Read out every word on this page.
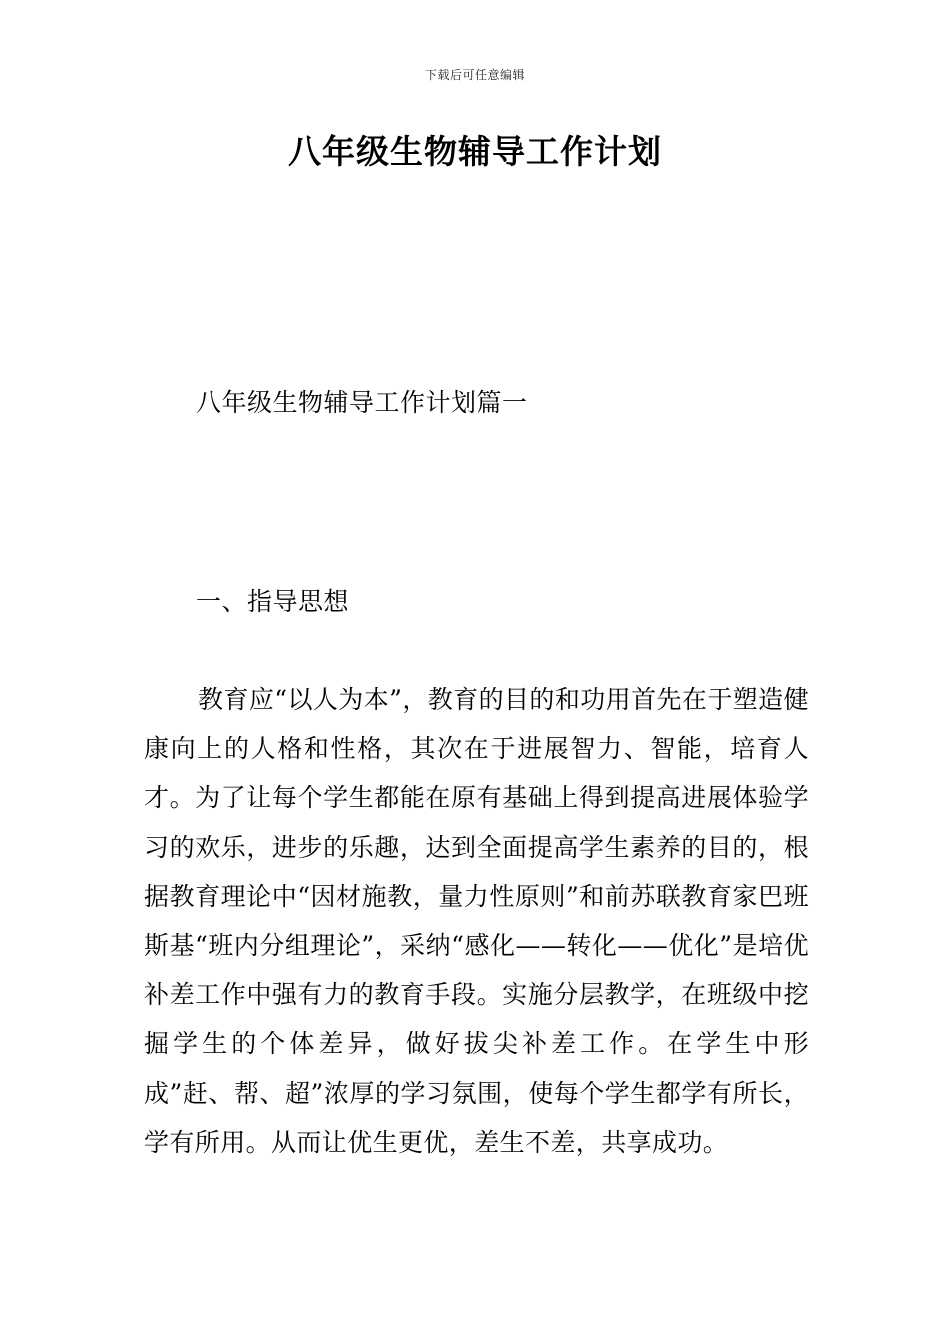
下载后可任意编辑
八年级生物辅导工作计划
八年级生物辅导工作计划篇一
一、指导思想

教育应“以人为本”，教育的目的和功用首先在于塑造健康向上的人格和性格，其次在于进展智力、智能，培育人才。为了让每个学生都能在原有基础上得到提高进展体验学习的欢乐，进步的乐趣，达到全面提高学生素养的目的，根据教育理论中“因材施教，量力性原则”和前苏联教育家巴班斯基“班内分组理论”，采纳“感化——转化——优化”是培优补差工作中强有力的教育手段。实施分层教学，在班级中挖掘学生的个体差异，做好拔尖补差工作。在学生中形成”赶、帮、超”浓厚的学习氛围，使每个学生都学有所长，学有所用。从而让优生更优，差生不差，共享成功。
